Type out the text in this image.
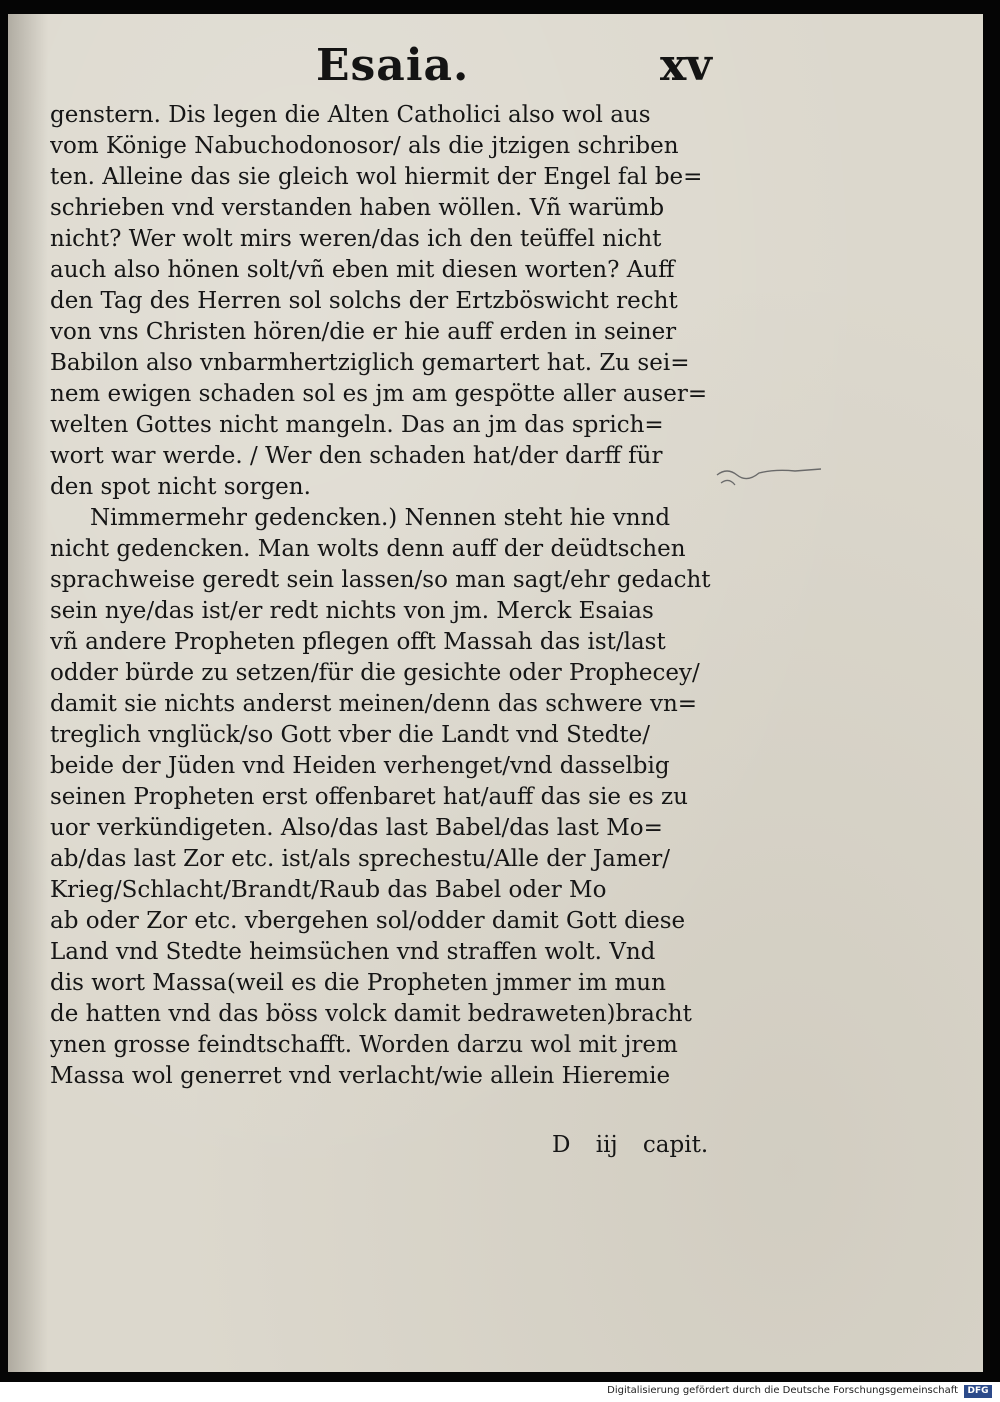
Esaia.	xv
genstern. Dis legen die Alten Catholici also wol aus
vom Könige Nabuchodonosor/ als die jtzigen schriben
ten. Alleine das sie gleich wol hiermit der Engel fal be=
schrieben vnd verstanden haben wöllen. Vñ warümb
nicht? Wer wolt mirs weren/das ich den teüffel nicht
auch also hönen solt/vñ eben mit diesen worten? Auff
den Tag des Herren sol solchs der Ertzböswicht recht
von vns Christen hören/die er hie auff erden in seiner
Babilon also vnbarmhertziglich gemartert hat. Zu sei=
nem ewigen schaden sol es jm am gespötte aller auser=
welten Gottes nicht mangeln. Das an jm das sprich=
wort war werde. / Wer den schaden hat/der darff für
den spot nicht sorgen.
Nimmermehr gedencken.) Nennen steht hie vnnd
nicht gedencken. Man wolts denn auff der deüdtschen
sprachweise geredt sein lassen/so man sagt/ehr gedacht
sein nye/das ist/er redt nichts von jm. Merck Esaias
vñ andere Propheten pflegen offt Massah das ist/last
odder bürde zu setzen/für die gesichte oder Prophecey/
damit sie nichts anderst meinen/denn das schwere vn=
treglich vnglück/so Gott vber die Landt vnd Stedte/
beide der Jüden vnd Heiden verhenget/vnd dasselbig
seinen Propheten erst offenbaret hat/auff das sie es zu
uor verkündigeten. Also/das last Babel/das last Mo=
ab/das last Zor etc. ist/als sprechestu/Alle der Jamer/
Krieg/Schlacht/Brandt/Raub das Babel oder Mo
ab oder Zor etc. vbergehen sol/odder damit Gott diese
Land vnd Stedte heimsüchen vnd straffen wolt. Vnd
dis wort Massa(weil es die Propheten jmmer im mun
de hatten vnd das böss volck damit bedraweten)bracht
ynen grosse feindtschafft. Worden darzu wol mit jrem
Massa wol generret vnd verlacht/wie allein Hieremie
D iij capit.
Digitalisierung gefördert durch die Deutsche Forschungsgemeinschaft	DFG
